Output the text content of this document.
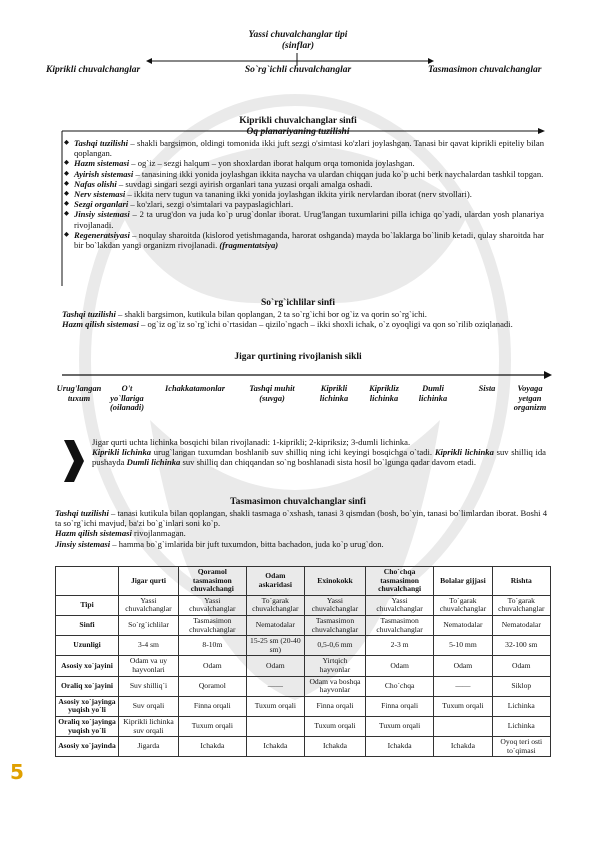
Yassi chuvalchanglar tipi
(sinflar)
Kiprikli chuvalchanglar	So`rg`ichli chuvalchanglar	Tasmasimon chuvalchanglar
Kiprikli chuvalchanglar sinfi
Oq planariyaning tuzilishi
◆ Tashqi tuzilishi – shakli bargsimon, oldingi tomonida ikki juft sezgi o'simtasi ko'zlari joylashgan. Tanasi bir qavat kiprikli epiteliy bilan qoplangan.
◆ Hazm sistemasi – og`iz – sezgi halqum – yon shoxlardan iborat halqum orqa tomonida joylashgan.
◆ Ayirish sistemasi – tanasining ikki yonida joylashgan ikkita naycha va ulardan chiqqan juda ko`p uchi berk naychalardan tashkil topgan.
◆ Nafas olishi – suvdagi singari sezgi ayirish organlari tana yuzasi orqali amalga oshadi.
◆ Nerv sistemasi – ikkita nerv tugun va tananing ikki yonida joylashgan ikkita yirik nervlardan iborat (nerv stvollari).
◆ Sezgi organlari – ko'zlari, sezgi o'simtalari va paypaslagichlari.
◆ Jinsiy sistemasi – 2 ta urug'don va juda ko`p urug`donlar iborat. Urug'langan tuxumlarini pilla ichiga qo`yadi, ulardan yosh planariya rivojlanadi.
◆ Regeneratsiyasi – noqulay sharoitda (kislorod yetishmaganda, harorat oshganda) mayda bo`laklarga bo`linib ketadi, qulay sharoitda har bir bo`lakdan yangi organizm rivojlanadi. (fragmentatsiya)
So`rg`ichlilar sinfi
Tashqi tuzilishi – shakli bargsimon, kutikula bilan qoplangan, 2 ta so`rg`ichi bor og`iz va qorin so`rg`ichi.
Hazm qilish sistemasi – og`iz og`iz so`rg`ichi o`rtasidan – qizilo`ngach – ikki shoxli ichak, o`z oyoqligi va qon so`rilib oziqlanadi.
Jigar qurtining rivojlanish sikli
Urug'langan tuxum
O't yo`llariga (oilanadi)
Ichakkatamonlar	Tashqi muhit (suvga)
Kiprikli lichinka
Kiprikliz lichinka
Dumli lichinka
Sista	Voyaga yetgan organizm
Jigar qurti uchta lichinka bosqichi bilan rivojlanadi: 1-kiprikli; 2-kipriksiz; 3-dumli lichinka.
Kiprikli lichinka urug`langan tuxumdan boshlanib suv shilliq ning ichi keyingi bosqichga o`tadi. Kiprikli lichinka suv shilliq ida pushayda Dumli lichinka suv shilliq dan chiqqandan so`ng boshlanadi sista hosil bo`lgunga qadar davom etadi.
Tasmasimon chuvalchanglar sinfi
Tashqi tuzilishi – tanasi kutikula bilan qoplangan, shakli tasmaga o`xshash, tanasi 3 qismdan (bosh, bo`yin, tanasi bo`limlardan iborat. Boshi 4 ta so`rg`ichi mavjud, ba'zi bo`g`inlari soni ko`p.
Hazm qilish sistemasi rivojlanmagan.
Jinsiy sistemasi – hamma bo`g`imlarida bir juft tuxumdon, bitta bachadon, juda ko`p urug`don.
	Jigar qurti	Qoramol tasmasimon chuvalchangi	Odam askaridasi	Exinokokk	Cho`chqa tasmasimon chuvalchangi	Bolalar gijjasi	Rishta
Tipi	Yassi chuvalchanglar	Yassi chuvalchanglar	To`garak chuvalchanglar	Yassi chuvalchanglar	Yassi chuvalchanglar	To`garak chuvalchanglar	To`garak chuvalchanglar
Sinfi	So`rg`ichlilar	Tasmasimon chuvalchanglar	Nematodalar	Tasmasimon chuvalchanglar	Tasmasimon chuvalchanglar	Nematodalar	Nematodalar
Uzunligi	3-4 sm	8-10m	15-25 sm (20-40 sm)	0,5-0,6 mm	2-3 m	5-10 mm	32-100 sm
Asosiy xo`jayini	Odam va uy hayvonlari	Odam	Odam	Yirtqich hayvonlar	Odam	Odam	Odam
Oraliq xo`jayini	Suv shilliq`i	Qoramol	——	Odam va boshqa hayvonlar	Cho`chqa	——	Siklop
Asosiy xo`jayinga yuqish yo`li	Suv orqali	Finna orqali	Tuxum orqali	Finna orqali	Finna orqali	Tuxum orqali	Lichinka
Oraliq xo`jayinga yuqish yo`li	Kiprikli lichinka suv orqali	Tuxum orqali		Tuxum orqali	Tuxum orqali		Lichinka
Asosiy xo`jayinda	Jigarda	Ichakda	Ichakda	Ichakda	Ichakda	Ichakda	Oyoq teri osti to`qimasi
5
